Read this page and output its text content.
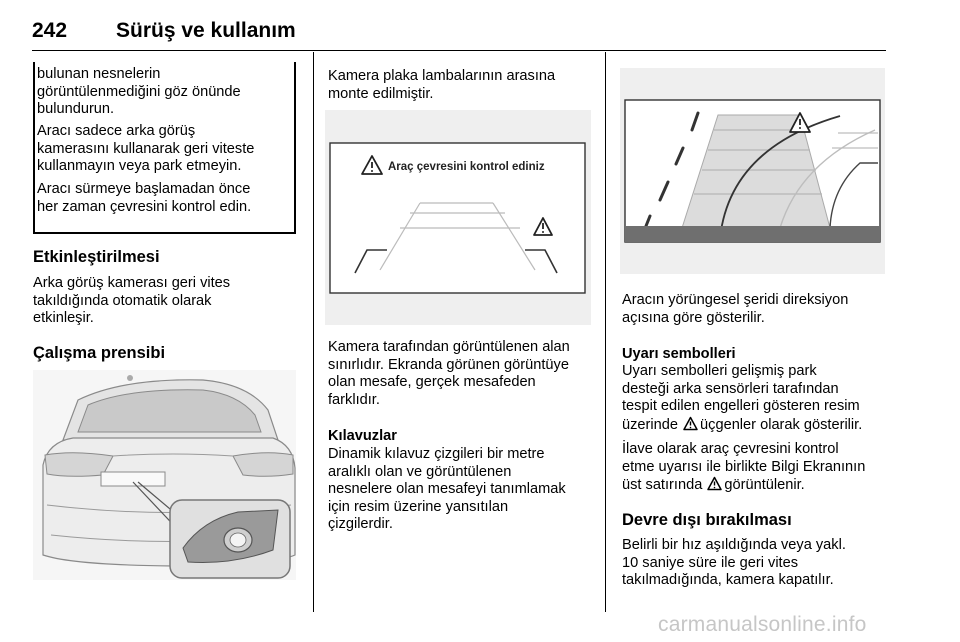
242 Sürüş ve kullanım

bulunan nesnelerin

görüntülenmediğini göz önünde

bulundurun.

Aracı sadece arka görüş

kamerasını kullanarak geri viteste

kullanmayın veya park etmeyin.

Aracı sürmeye başlamadan önce

her zaman çevresini kontrol edin.

Etkinleştirilmesi

Arka görüş kamerası geri vites

takıldığında otomatik olarak

etkinleşir.

Çalışma prensibi

Kamera plaka lambalarının arasına

monte edilmiştir.

Araç çevresini kontrol ediniz

Kamera tarafından görüntülenen alan

sınırlıdır. Ekranda görünen görüntüye

olan mesafe, gerçek mesafeden

farklıdır.

Kılavuzlar

Dinamik kılavuz çizgileri bir metre

aralıklı olan ve görüntülenen

nesnelere olan mesafeyi tanımlamak

için resim üzerine yansıtılan

çizgilerdir.

Aracın yörüngesel şeridi direksiyon

açısına göre gösterilir.

Uyarı sembolleri

Uyarı sembolleri gelişmiş park

desteği arka sensörleri tarafından

tespit edilen engelleri gösteren resim

üzerinde üçgenler olarak gösterilir.

İlave olarak araç çevresini kontrol

etme uyarısı ile birlikte Bilgi Ekranının

üst satırında görüntülenir.

Devre dışı bırakılması

Belirli bir hız aşıldığında veya yakl.

10 saniye süre ile geri vites

takılmadığında, kamera kapatılır.

carmanualsonline.info
